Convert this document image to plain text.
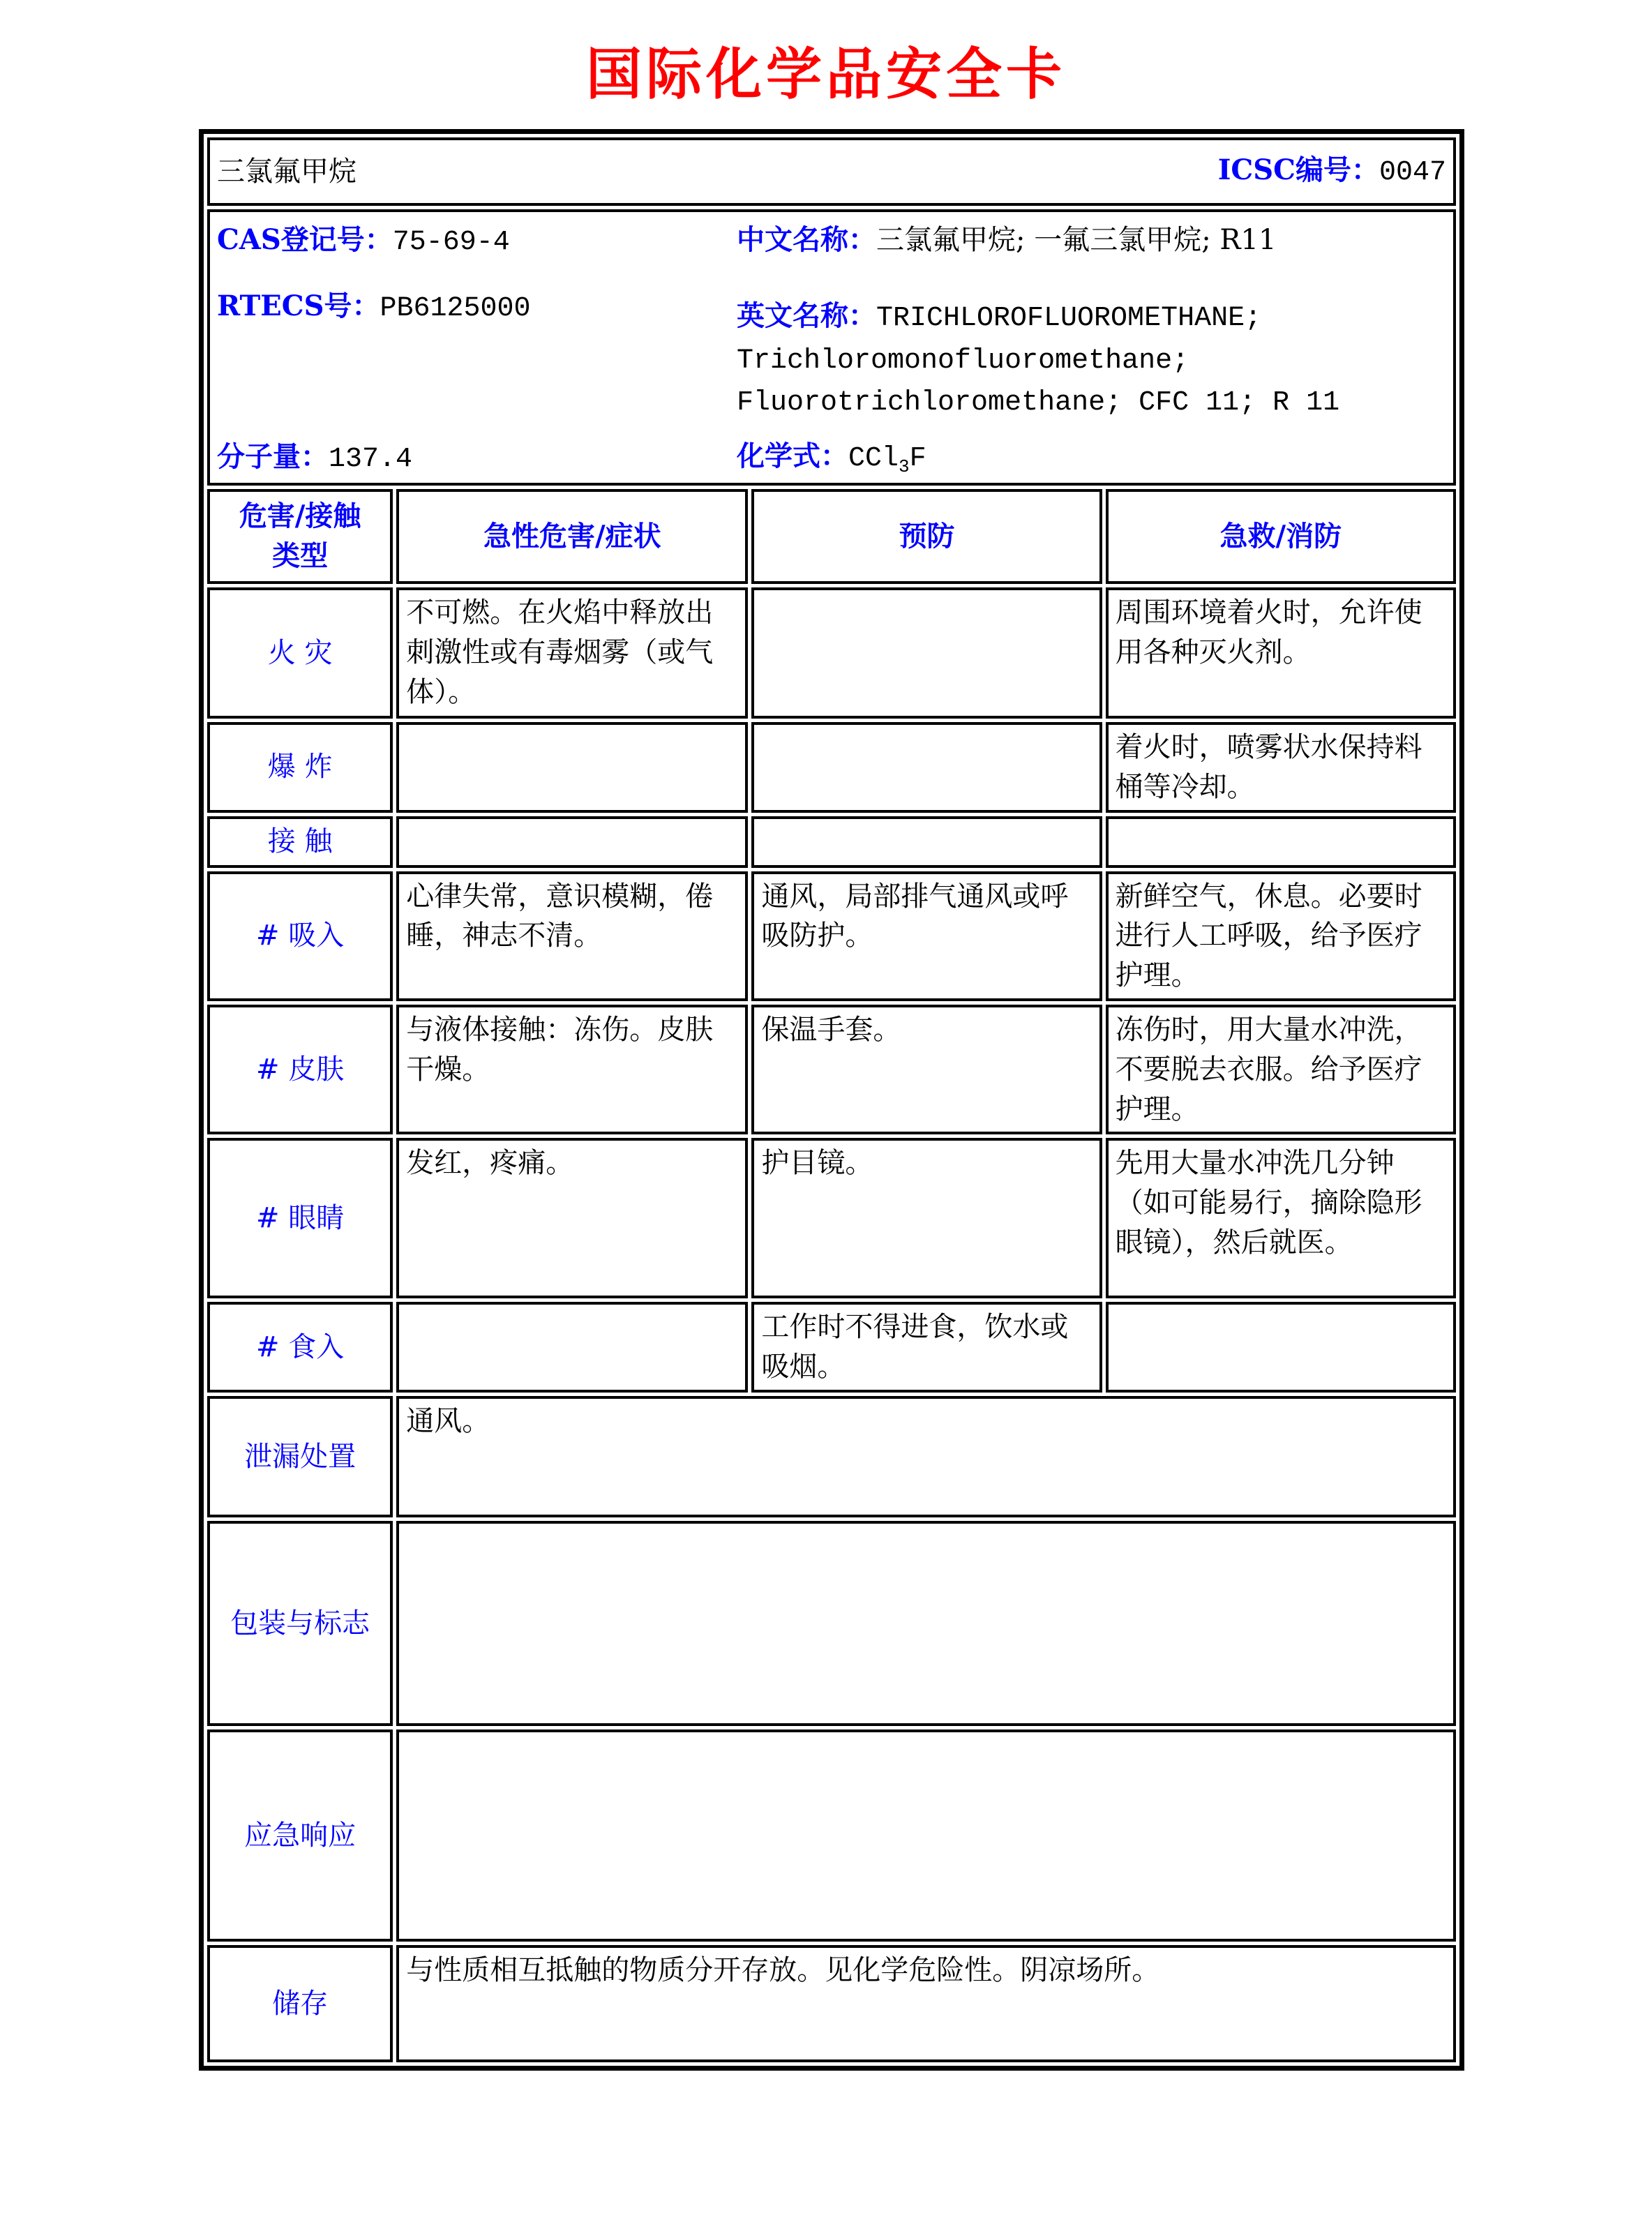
国际化学品安全卡
三氯氟甲烷 ICSC编号：0047			

CAS登记号：75-69-4
RTECS号：PB6125000
分子量：137.4
中文名称：三氯氟甲烷; 一氟三氯甲烷; R11
英文名称：TRICHLOROFLUOROMETHANE; Trichloromonofluoromethane; Fluorotrichloromethane; CFC 11; R 11
化学式：CCl$_3$F

危害/接触
类型	急性危害/症状	预防	急救/消防
火 灾	不可燃。在火焰中释放出刺激性或有毒烟雾（或气体）。		周围环境着火时，允许使用各种灭火剂。
爆 炸			着火时，喷雾状水保持料桶等冷却。
接 触			
# 吸入	心律失常，意识模糊，倦睡，神志不清。	通风，局部排气通风或呼吸防护。	新鲜空气，休息。必要时进行人工呼吸，给予医疗护理。
# 皮肤	与液体接触：冻伤。皮肤干燥。	保温手套。	冻伤时，用大量水冲洗，不要脱去衣服。给予医疗护理。
# 眼睛	发红，疼痛。	护目镜。	先用大量水冲洗几分钟（如可能易行，摘除隐形眼镜），然后就医。
# 食入		工作时不得进食，饮水或吸烟。	
泄漏处置	通风。		
包装与标志			
应急响应			
储存	与性质相互抵触的物质分开存放。见化学危险性。阴凉场所。		
